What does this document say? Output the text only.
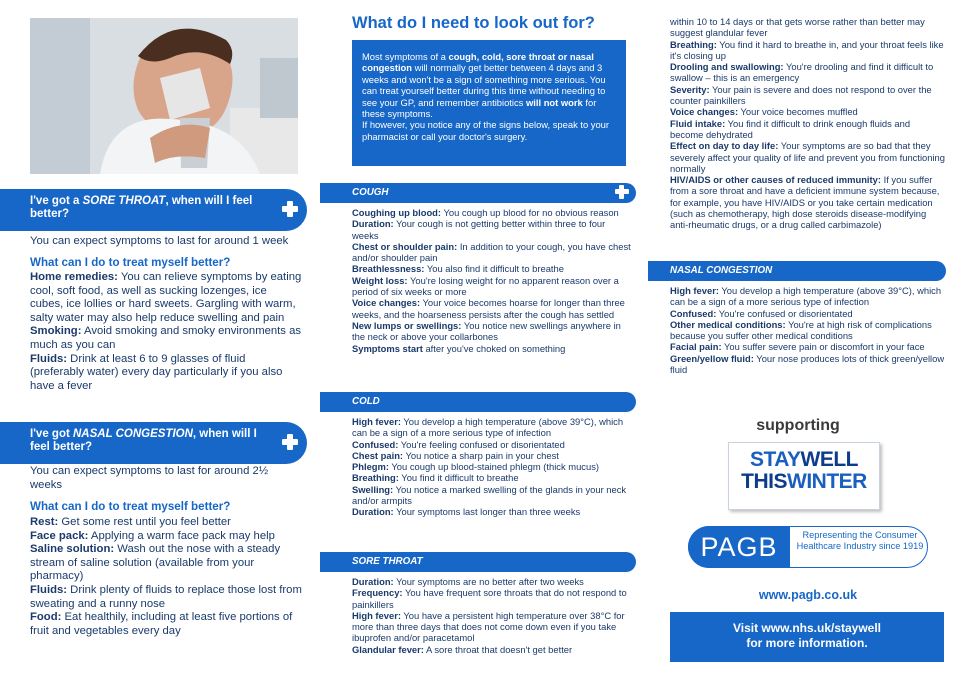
I've got a SORE THROAT, when will I feel better?
You can expect symptoms to last for around 1 week
What can I do to treat myself better?
Home remedies: You can relieve symptoms by eating cool, soft food, as well as sucking lozenges, ice cubes, ice lollies or hard sweets. Gargling with warm, salty water may also help reduce swelling and pain
Smoking: Avoid smoking and smoky environments as much as you can
Fluids: Drink at least 6 to 9 glasses of fluid (preferably water) every day particularly if you also have a fever
I've got NASAL CONGESTION, when will I feel better?
You can expect symptoms to last for around 2½ weeks
What can I do to treat myself better?
Rest: Get some rest until you feel better
Face pack: Applying a warm face pack may help
Saline solution: Wash out the nose with a steady stream of saline solution (available from your pharmacy)
Fluids: Drink plenty of fluids to replace those lost from sweating and a runny nose
Food: Eat healthily, including at least five portions of fruit and vegetables every day
What do I need to look out for?
Most symptoms of a cough, cold, sore throat or nasal congestion will normally get better between 4 days and 3 weeks and won't be a sign of something more serious. You can treat yourself better during this time without needing to see your GP, and remember antibiotics will not work for these symptoms.
If however, you notice any of the signs below, speak to your pharmacist or call your doctor's surgery.
COUGH
Coughing up blood: You cough up blood for no obvious reason
Duration: Your cough is not getting better within three to four weeks
Chest or shoulder pain: In addition to your cough, you have chest and/or shoulder pain
Breathlessness: You also find it difficult to breathe
Weight loss: You're losing weight for no apparent reason over a period of six weeks or more
Voice changes: Your voice becomes hoarse for longer than three weeks, and the hoarseness persists after the cough has settled
New lumps or swellings: You notice new swellings anywhere in the neck or above your collarbones
Symptoms start after you've choked on something
COLD
High fever: You develop a high temperature (above 39°C), which can be a sign of a more serious type of infection
Confused: You're feeling confused or disorientated
Chest pain: You notice a sharp pain in your chest
Phlegm: You cough up blood-stained phlegm (thick mucus)
Breathing: You find it difficult to breathe
Swelling: You notice a marked swelling of the glands in your neck and/or armpits
Duration: Your symptoms last longer than three weeks
SORE THROAT
Duration: Your symptoms are no better after two weeks
Frequency: You have frequent sore throats that do not respond to painkillers
High fever: You have a persistent high temperature over 38°C for more than three days that does not come down even if you take ibuprofen and/or paracetamol
Glandular fever: A sore throat that doesn't get better
within 10 to 14 days or that gets worse rather than better may suggest glandular fever
Breathing: You find it hard to breathe in, and your throat feels like it's closing up
Drooling and swallowing: You're drooling and find it difficult to swallow – this is an emergency
Severity: Your pain is severe and does not respond to over the counter painkillers
Voice changes: Your voice becomes muffled
Fluid intake: You find it difficult to drink enough fluids and become dehydrated
Effect on day to day life: Your symptoms are so bad that they severely affect your quality of life and prevent you from functioning normally
HIV/AIDS or other causes of reduced immunity: If you suffer from a sore throat and have a deficient immune system because, for example, you have HIV/AIDS or you take certain medication (such as chemotherapy, high dose steroids disease-modifying anti-rheumatic drugs, or a drug called carbimazole)
NASAL CONGESTION
High fever: You develop a high temperature (above 39°C), which can be a sign of a more serious type of infection
Confused: You're confused or disorientated
Other medical conditions: You're at high risk of complications because you suffer other medical conditions
Facial pain: You suffer severe pain or discomfort in your face
Green/yellow fluid: Your nose produces lots of thick green/yellow fluid
supporting
STAYWELL
THISWINTER
PAGB	Representing the Consumer Healthcare Industry since 1919
www.pagb.co.uk
Visit www.nhs.uk/staywell
for more information.
